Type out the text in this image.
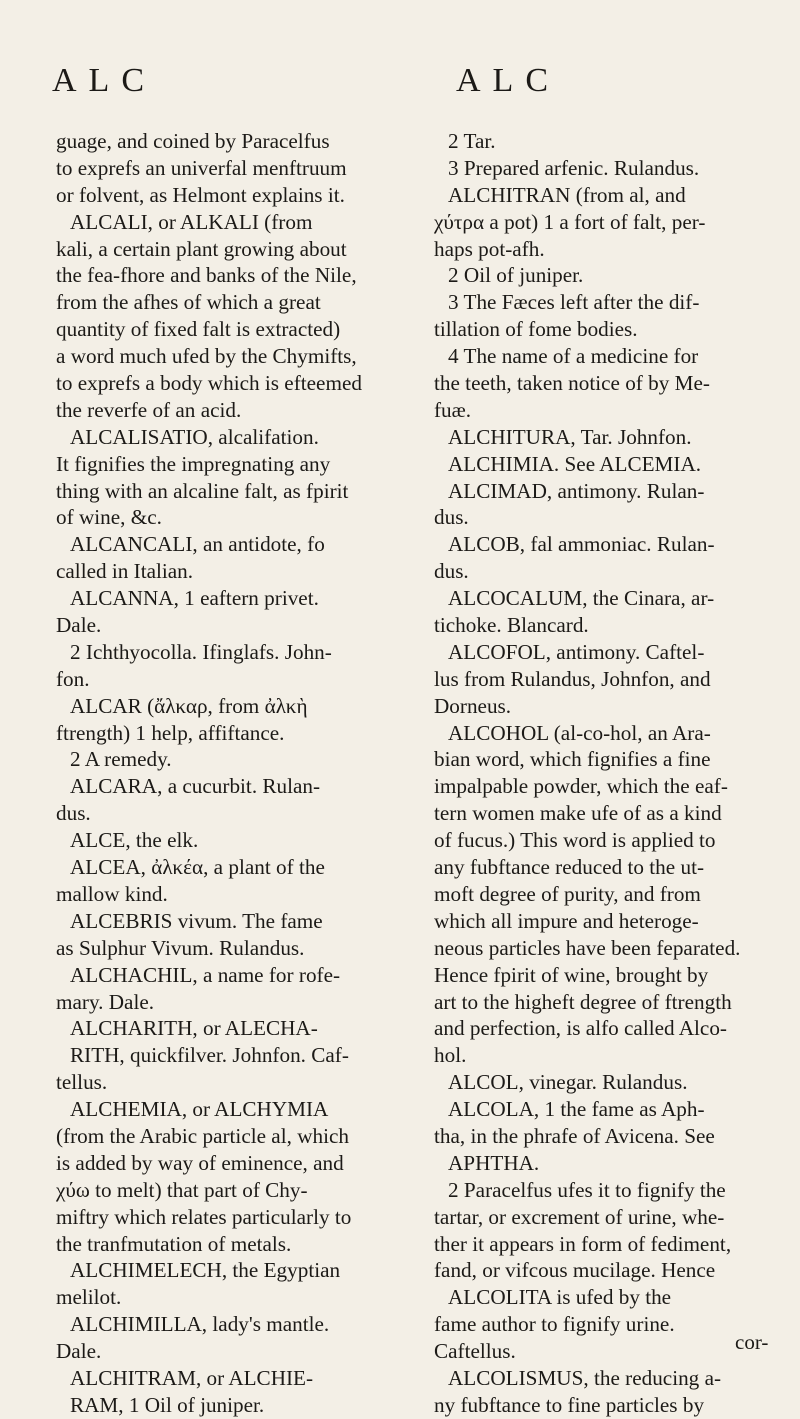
ALC	ALC
guage, and coined by Paracelfus
to exprefs an univerfal menftruum
or folvent, as Helmont explains it.
ALCALI, or ALKALI (from
kali, a certain plant growing about
the fea-fhore and banks of the Nile,
from the afhes of which a great
quantity of fixed falt is extracted)
a word much ufed by the Chymifts,
to exprefs a body which is efteemed
the reverfe of an acid.
ALCALISATIO, alcalifation.
It fignifies the impregnating any
thing with an alcaline falt, as fpirit
of wine, &c.
ALCANCALI, an antidote, fo
called in Italian.
ALCANNA, 1 eaftern privet.
Dale.
2 Ichthyocolla. Ifinglafs. John-
fon.
ALCAR (ἄλκαρ, from ἀλκὴ
ftrength) 1 help, affiftance.
2 A remedy.
ALCARA, a cucurbit. Rulan-
dus.
ALCE, the elk.
ALCEA, ἀλκέα, a plant of the
mallow kind.
ALCEBRIS vivum. The fame
as Sulphur Vivum. Rulandus.
ALCHACHIL, a name for rofe-
mary. Dale.
ALCHARITH, or ALECHA-
RITH, quickfilver. Johnfon. Caf-
tellus.
ALCHEMIA, or ALCHYMIA
(from the Arabic particle al, which
is added by way of eminence, and
χύω to melt) that part of Chy-
miftry which relates particularly to
the tranfmutation of metals.
ALCHIMELECH, the Egyptian
melilot.
ALCHIMILLA, lady's mantle.
Dale.
ALCHITRAM, or ALCHIE-
RAM, 1 Oil of juniper.
2 Tar.
3 Prepared arfenic. Rulandus.
ALCHITRAN (from al, and
χύτρα a pot) 1 a fort of falt, per-
haps pot-afh.
2 Oil of juniper.
3 The Fæces left after the dif-
tillation of fome bodies.
4 The name of a medicine for
the teeth, taken notice of by Me-
fuæ.
ALCHITURA, Tar. Johnfon.
ALCHIMIA. See ALCEMIA.
ALCIMAD, antimony. Rulan-
dus.
ALCOB, fal ammoniac. Rulan-
dus.
ALCOCALUM, the Cinara, ar-
tichoke. Blancard.
ALCOFOL, antimony. Caftel-
lus from Rulandus, Johnfon, and
Dorneus.
ALCOHOL (al-co-hol, an Ara-
bian word, which fignifies a fine
impalpable powder, which the eaf-
tern women make ufe of as a kind
of fucus.) This word is applied to
any fubftance reduced to the ut-
moft degree of purity, and from
which all impure and heteroge-
neous particles have been feparated.
Hence fpirit of wine, brought by
art to the higheft degree of ftrength
and perfection, is alfo called Alco-
hol.
ALCOL, vinegar. Rulandus.
ALCOLA, 1 the fame as Aph-
tha, in the phrafe of Avicena. See
APHTHA.
2 Paracelfus ufes it to fignify the
tartar, or excrement of urine, whe-
ther it appears in form of fediment,
fand, or vifcous mucilage. Hence
ALCOLITA is ufed by the
fame author to fignify urine.
Caftellus.
ALCOLISMUS, the reducing a-
ny fubftance to fine particles by
cor-
